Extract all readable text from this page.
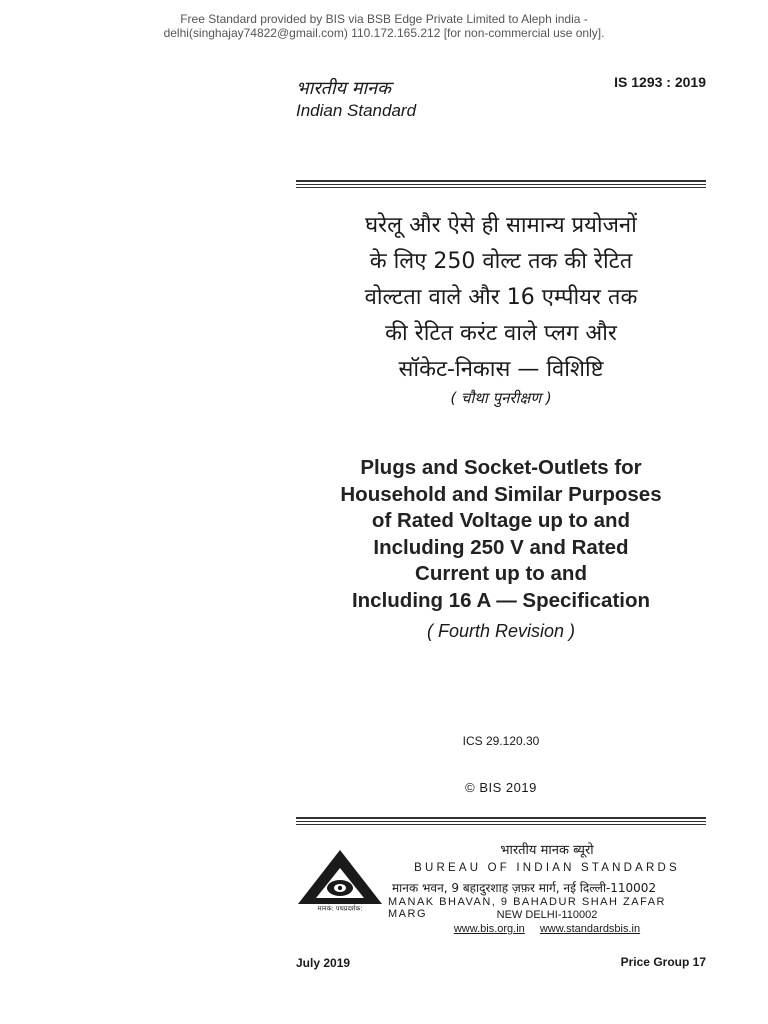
Free Standard provided by BIS via BSB Edge Private Limited to Aleph india -
delhi(singhajay74822@gmail.com) 110.172.165.212 [for non-commercial use only].
भारतीय मानक
Indian Standard
IS 1293 : 2019
घरेलू और ऐसे ही सामान्य प्रयोजनों
के लिए 250 वोल्ट तक की रेटित
वोल्टता वाले और 16 एम्पीयर तक
की रेटित करंट वाले प्लग और
सॉकेट-निकास — विशिष्टि
( चौथा पुनरीक्षण )
Plugs and Socket-Outlets for
Household and Similar Purposes
of Rated Voltage up to and
Including 250 V and Rated
Current up to and
Including 16 A — Specification
( Fourth Revision )
ICS 29.120.30
© BIS 2019
मानक: पथप्रदर्शक:
भारतीय मानक ब्यूरो
BUREAU OF INDIAN STANDARDS
मानक भवन, 9 बहादुरशाह ज़फ़र मार्ग, नई दिल्ली-110002
MANAK BHAVAN, 9 BAHADUR SHAH ZAFAR MARG	NEW DELHI-110002
www.bis.org.in www.standardsbis.in
July 2019	Price Group 17
